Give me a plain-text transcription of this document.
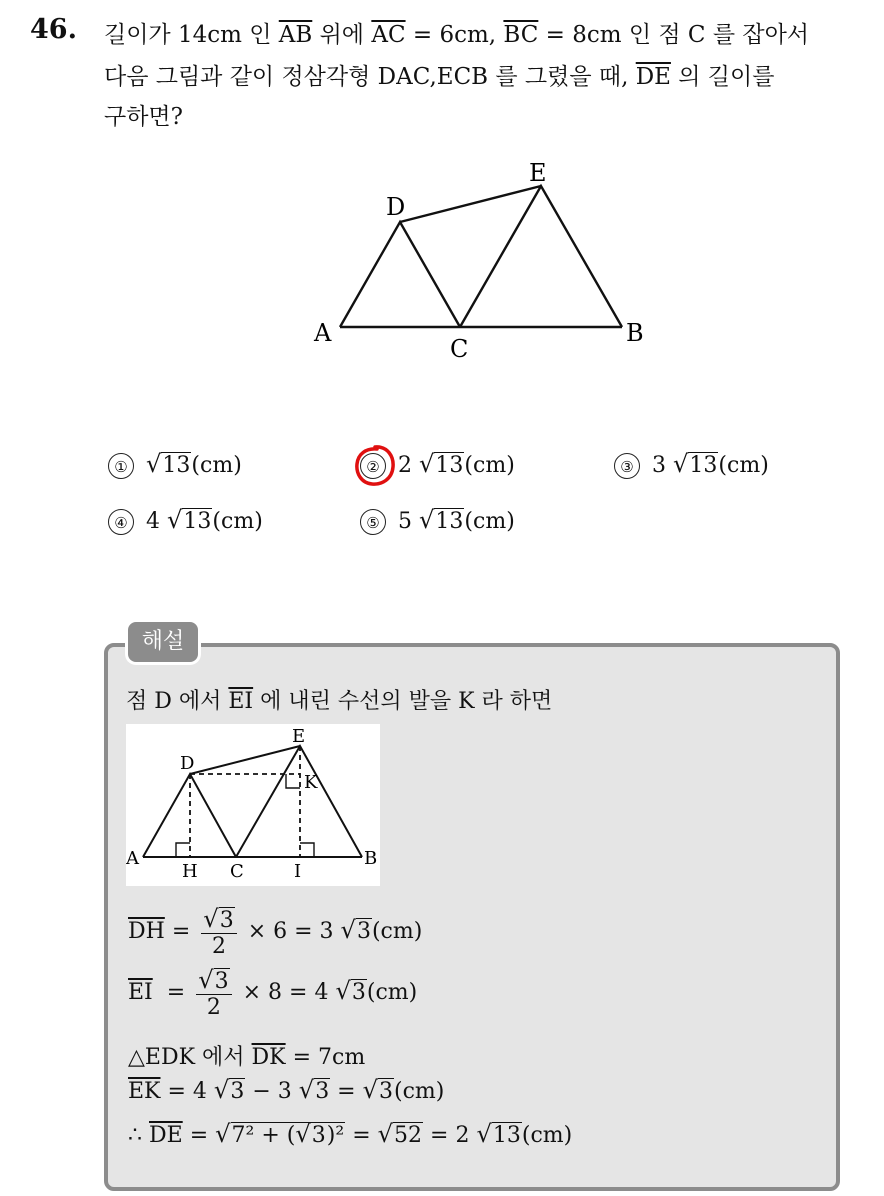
46. 길이가 14cm 인 $\overline{AB}$ 위에 $\overline{AC} = 6cm$, $\overline{BC} = 8cm$ 인 점 C 를 잡아서
다음 그림과 같이 정삼각형 DAC,ECB 를 그렸을 때, $\overline{DE}$ 의 길이를
구하면?
A	B
C
D
E
① √13(cm)	② 2 √13(cm)	③ 3 √13(cm)
④ 4 √13(cm)	⑤ 5 √13(cm)
해설
점 D 에서 $\overline{EI}$ 에 내린 수선의 발을 K 라 하면
A	B
C
D
E
H	I
K
$\overline{DH} = \frac{√3}{2} \times 6 = 3$ √3(cm)
$\overline{EI} = \frac{√3}{2} \times 8 = 4$ √3(cm)
△EDK 에서 $\overline{DK} = 7cm$
$\overline{EK} = 4$ √3 − 3 √3 = √3(cm)
∴ $\overline{DE} = √7^2 + (√3)^2 = √52 = 2$ √13(cm)
